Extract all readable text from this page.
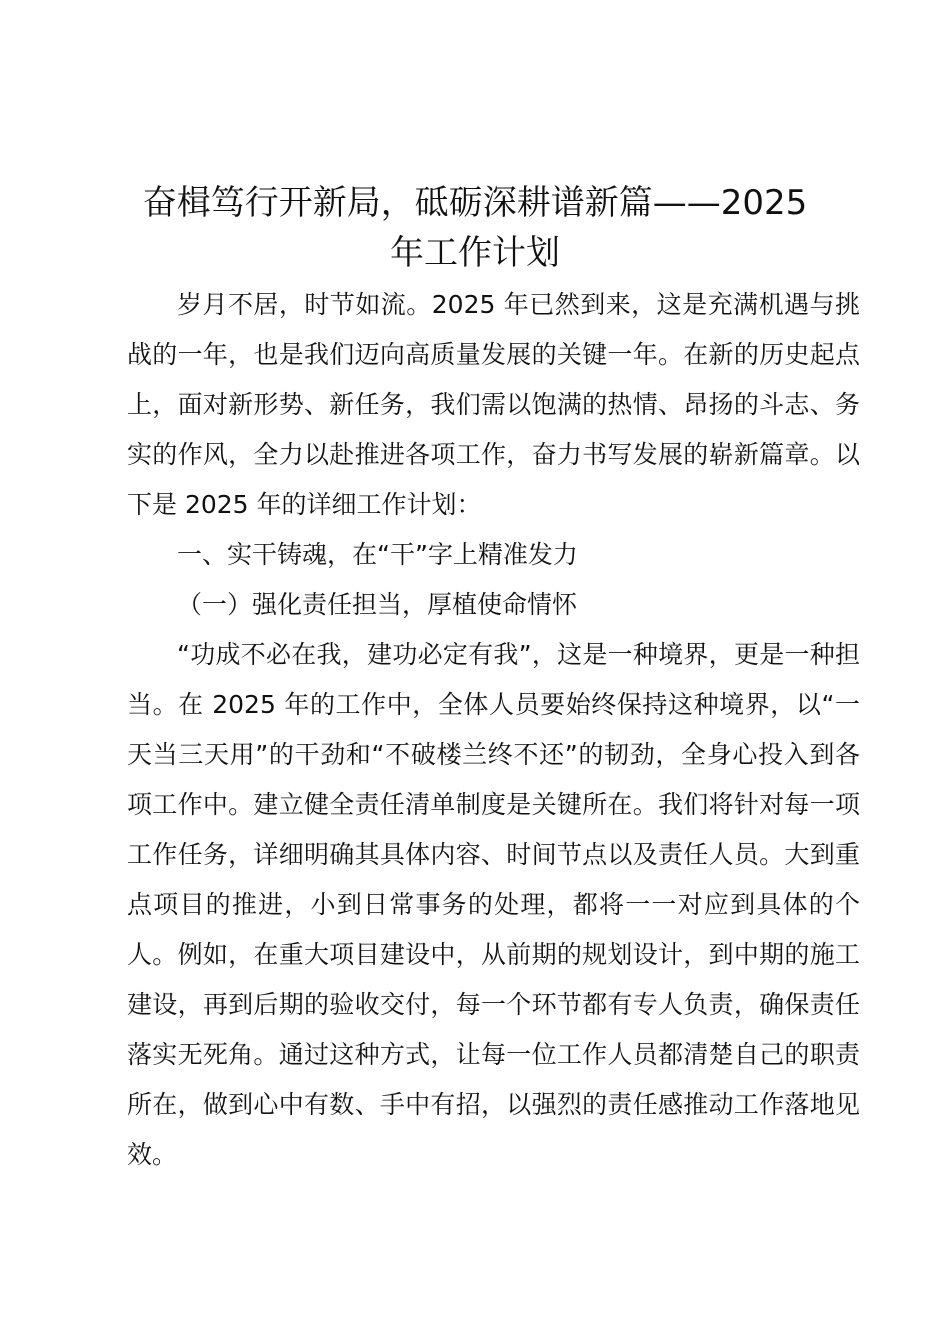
奋楫笃行开新局，砥砺深耕谱新篇——2025
年工作计划

岁月不居，时节如流。2025 年已然到来，这是充满机遇与挑战的一年，也是我们迈向高质量发展的关键一年。在新的历史起点上，面对新形势、新任务，我们需以饱满的热情、昂扬的斗志、务实的作风，全力以赴推进各项工作，奋力书写发展的崭新篇章。以下是 2025 年的详细工作计划：

一、实干铸魂，在“干”字上精准发力

（一）强化责任担当，厚植使命情怀

“功成不必在我，建功必定有我”，这是一种境界，更是一种担当。在 2025 年的工作中，全体人员要始终保持这种境界，以“一天当三天用”的干劲和“不破楼兰终不还”的韧劲，全身心投入到各项工作中。建立健全责任清单制度是关键所在。我们将针对每一项工作任务，详细明确其具体内容、时间节点以及责任人员。大到重点项目的推进，小到日常事务的处理，都将一一对应到具体的个人。例如，在重大项目建设中，从前期的规划设计，到中期的施工建设，再到后期的验收交付，每一个环节都有专人负责，确保责任落实无死角。通过这种方式，让每一位工作人员都清楚自己的职责所在，做到心中有数、手中有招，以强烈的责任感推动工作落地见效。
